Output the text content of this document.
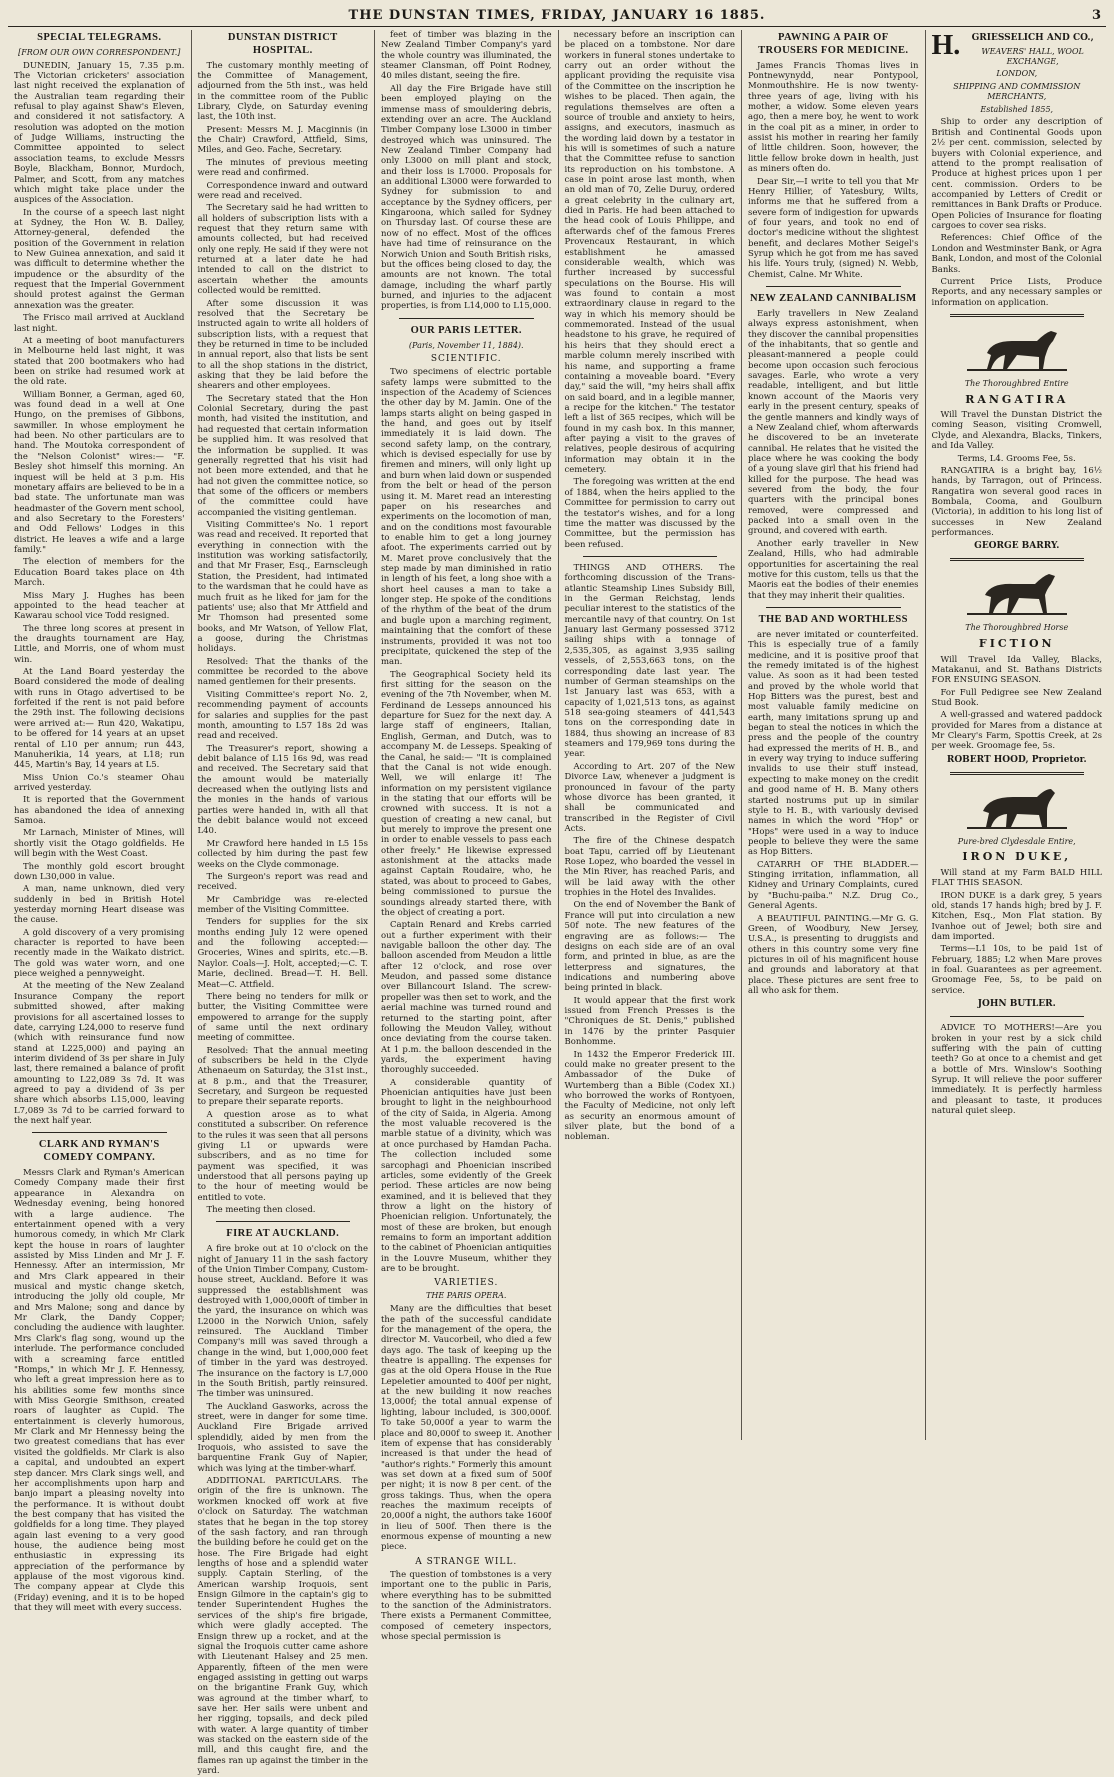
THE DUNSTAN TIMES, FRIDAY, JANUARY 16 1885.	3
SPECIAL TELEGRAMS.
[FROM OUR OWN CORRESPONDENT.]

DUNEDIN, January 15, 7.35 p.m. The Victorian cricketers' association last night received the explanation of the Australian team regarding their refusal to play against Shaw's Eleven, and considered it not satisfactory. A resolution was adopted on the motion of Judge Williams, instructing the Committee appointed to select association teams, to exclude Messrs Boyle, Blackham, Bonnor, Murdoch, Palmer, and Scott, from any matches which might take place under the auspices of the Association.

In the course of a speech last night at Sydney, the Hon W. B. Dalley, Attorney-general, defended the position of the Government in relation to New Guinea annexation, and said it was difficult to determine whether the impudence or the absurdity of the request that the Imperial Government should protest against the German annexation was the greater.

The Frisco mail arrived at Auckland last night.

At a meeting of boot manufacturers in Melbourne held last night, it was stated that 200 bootmakers who had been on strike had resumed work at the old rate.

William Bonner, a German, aged 60, was found dead in a well at One Hungo, on the premises of Gibbons, sawmiller. In whose employment he had been. No other particulars are to hand. The Moutoka correspondent of the "Nelson Colonist" wires:— "F. Besley shot himself this morning. An inquest will be held at 3 p.m. His monetary affairs are believed to be in a bad state. The unfortunate man was headmaster of the Govern ment school, and also Secretary to the Foresters' and Odd Fellows' Lodges in this district. He leaves a wife and a large family."

The election of members for the Education Board takes place on 4th March.

Miss Mary J. Hughes has been appointed to the head teacher at Kawarau school vice Todd resigned.

The three long scores at present in the draughts tournament are Hay, Little, and Morris, one of whom must win.

At the Land Board yesterday the Board considered the mode of dealing with runs in Otago advertised to be forfeited if the rent is not paid before the 29th inst. The following decisions were arrived at:— Run 420, Wakatipu, to be offered for 14 years at an upset rental of L10 per annum; run 443, Manuherikia, 14 years, at L18; run 445, Martin's Bay, 14 years at L5.

Miss Union Co.'s steamer Ohau arrived yesterday.

It is reported that the Government has abandoned the idea of annexing Samoa.

Mr Larnach, Minister of Mines, will shortly visit the Otago goldfields. He will begin with the West Coast.

The monthly gold escort brought down L30,000 in value.

A man, name unknown, died very suddenly in bed in British Hotel yesterday morning Heart disease was the cause.

A gold discovery of a very promising character is reported to have been recently made in the Waikato district. The gold was water worn, and one piece weighed a pennyweight.

At the meeting of the New Zealand Insurance Company the report submitted showed, after making provisions for all ascertained losses to date, carrying L24,000 to reserve fund (which with reinsurance fund now stand at L225,000) and paying an interim dividend of 3s per share in July last, there remained a balance of profit amounting to L22,089 3s 7d. It was agreed to pay a dividend of 3s per share which absorbs L15,000, leaving L7,089 3s 7d to be carried forward to the next half year.

CLARK AND RYMAN'S COMEDY COMPANY.

Messrs Clark and Ryman's American Comedy Company made their first appearance in Alexandra on Wednesday evening, being honored with a large audience. The entertainment opened with a very humorous comedy, in which Mr Clark kept the house in roars of laughter assisted by Miss Linden and Mr J. F. Hennessy. After an intermission, Mr and Mrs Clark appeared in their musical and mystic change sketch, introducing the jolly old couple, Mr and Mrs Malone; song and dance by Mr Clark, the Dandy Copper; concluding the audience with laughter. Mrs Clark's flag song, wound up the interlude. The performance concluded with a screaming farce entitled "Romps," in which Mr J. F. Hennessy, who left a great impression here as to his abilities some few months since with Miss Georgie Smithson, created roars of laughter as Cupid. The entertainment is cleverly humorous, Mr Clark and Mr Hennessy being the two greatest comedians that has ever visited the goldfields. Mr Clark is also a capital, and undoubted an expert step dancer. Mrs Clark sings well, and her accomplishments upon harp and banjo impart a pleasing novelty into the performance. It is without doubt the best company that has visited the goldfields for a long time. They played again last evening to a very good house, the audience being most enthusiastic in expressing its appreciation of the performance by applause of the most vigorous kind. The company appear at Clyde this (Friday) evening, and it is to be hoped that they will meet with every success.

DUNSTAN DISTRICT HOSPITAL.

The customary monthly meeting of the Committee of Management, adjourned from the 5th inst., was held in the committee room of the Public Library, Clyde, on Saturday evening last, the 10th inst.

Present: Messrs M. J. Macginnis (in the Chair) Crawford, Attfield, Sims, Miles, and Geo. Fache, Secretary.

The minutes of previous meeting were read and confirmed.

Correspondence inward and outward were read and received.

The Secretary said he had written to all holders of subscription lists with a request that they return same with amounts collected, but had received only one reply. He said if they were not returned at a later date he had intended to call on the district to ascertain whether the amounts collected would be remitted.

After some discussion it was resolved that the Secretary be instructed again to write all holders of subscription lists, with a request that they be returned in time to be included in annual report, also that lists be sent to all the shop stations in the district, asking that they be laid before the shearers and other employees.

The Secretary stated that the Hon Colonial Secretary, during the past month, had visited the institution, and had requested that certain information be supplied him. It was resolved that the information be supplied. It was generally regretted that his visit had not been more extended, and that he had not given the committee notice, so that some of the officers or members of the committee could have accompanied the visiting gentleman.

Visiting Committee's No. 1 report was read and received. It reported that everything in connection with the institution was working satisfactorily, and that Mr Fraser, Esq., Earnscleugh Station, the President, had intimated to the wardsman that he could have as much fruit as he liked for jam for the patients' use; also that Mr Attfield and Mr Thomson had presented some books, and Mr Watson, of Yellow Flat, a goose, during the Christmas holidays.

Resolved: That the thanks of the committee be recorded to the above named gentlemen for their presents.

Visiting Committee's report No. 2, recommending payment of accounts for salaries and supplies for the past month, amounting to L57 18s 2d was read and received.

The Treasurer's report, showing a debit balance of L15 16s 9d, was read and received. The Secretary said that the amount would be materially decreased when the outlying lists and the monies in the hands of various parties were handed in, with all that the debit balance would not exceed L40.

Mr Crawford here handed in L5 15s collected by him during the past few weeks on the Clyde commonage.

The Surgeon's report was read and received.

Mr Cambridge was re-elected member of the Visiting Committee.

Tenders for supplies for the six months ending July 12 were opened and the following accepted:— Groceries, Wines and spirits, etc.—B. Naylor. Coals—J. Holt, accepted;—C. T. Marie, declined. Bread—T. H. Bell. Meat—C. Attfield.

There being no tenders for milk or butter, the Visiting Committee were empowered to arrange for the supply of same until the next ordinary meeting of committee.

Resolved: That the annual meeting of subscribers be held in the Clyde Athenaeum on Saturday, the 31st inst., at 8 p.m., and that the Treasurer, Secretary, and Surgeon be requested to prepare their separate reports.

A question arose as to what constituted a subscriber. On reference to the rules it was seen that all persons giving L1 or upwards were subscribers, and as no time for payment was specified, it was understood that all persons paying up to the hour of meeting would be entitled to vote.

The meeting then closed.

FIRE AT AUCKLAND.

A fire broke out at 10 o'clock on the night of January 11 in the sash factory of the Union Timber Company, Custom-house street, Auckland. Before it was suppressed the establishment was destroyed with 1,000,000ft of timber in the yard, the insurance on which was L2000 in the Norwich Union, safely reinsured. The Auckland Timber Company's mill was saved through a change in the wind, but 1,000,000 feet of timber in the yard was destroyed. The insurance on the factory is L7,000 in the South British, partly reinsured. The timber was uninsured.

The Auckland Gasworks, across the street, were in danger for some time. Auckland Fire Brigade arrived splendidly, aided by men from the Iroquois, who assisted to save the barquentine Frank Guy of Napier, which was lying at the timber-wharf.

ADDITIONAL PARTICULARS. The origin of the fire is unknown. The workmen knocked off work at five o'clock on Saturday. The watchman states that he began in the top storey of the sash factory, and ran through the building before he could get on the hose. The Fire Brigade had eight lengths of hose and a splendid water supply. Captain Sterling, of the American warship Iroquois, sent Ensign Gilmore in the captain's gig to tender Superintendent Hughes the services of the ship's fire brigade, which were gladly accepted. The Ensign threw up a rocket, and at the signal the Iroquois cutter came ashore with Lieutenant Halsey and 25 men. Apparently, fifteen of the men were engaged assisting in getting out warps on the brigantine Frank Guy, which was aground at the timber wharf, to save her. Her sails were unbent and her rigging, topsails, and deck piled with water. A large quantity of timber was stacked on the eastern side of the mill, and this caught fire, and the flames ran up against the timber in the yard.

feet of timber was blazing in the New Zealand Timber Company's yard the whole country was illuminated, the steamer Clansman, off Point Rodney, 40 miles distant, seeing the fire.

All day the Fire Brigade have still been employed playing on the immense mass of smouldering debris, extending over an acre. The Auckland Timber Company lose L3000 in timber destroyed which was uninsured. The New Zealand Timber Company had only L3000 on mill plant and stock, and their loss is L7000. Proposals for an additional L3000 were forwarded to Sydney for submission to and acceptance by the Sydney officers, per Kingaroona, which sailed for Sydney on Thursday last. Of course these are now of no effect. Most of the offices have had time of reinsurance on the Norwich Union and South British risks, but the offices being closed to day, the amounts are not known. The total damage, including the wharf partly burned, and injuries to the adjacent properties, is from L14,000 to L15,000.

OUR PARIS LETTER.
(Paris, November 11, 1884).
SCIENTIFIC.

Two specimens of electric portable safety lamps were submitted to the inspection of the Academy of Sciences the other day by M. Jamin. One of the lamps starts alight on being gasped in the hand, and goes out by itself immediately it is laid down. The second safety lamp, on the contrary, which is devised especially for use by firemen and miners, will only light up and burn when laid down or suspended from the belt or head of the person using it. M. Maret read an interesting paper on his researches and experiments on the locomotion of man, and on the conditions most favourable to enable him to get a long journey afoot. The experiments carried out by M. Maret prove conclusively that the step made by man diminished in ratio in length of his feet, a long shoe with a short heel causes a man to take a longer step. He spoke of the conditions of the rhythm of the beat of the drum and bugle upon a marching regiment, maintaining that the comfort of these instruments, provided it was not too precipitate, quickened the step of the man.

The Geographical Society held its first sitting for the season on the evening of the 7th November, when M. Ferdinand de Lesseps announced his departure for Suez for the next day. A large staff of engineers, Italian, English, German, and Dutch, was to accompany M. de Lesseps. Speaking of the Canal, he said:— "It is complained that the Canal is not wide enough. Well, we will enlarge it! The information on my persistent vigilance in the stating that our efforts will be crowned with success. It is not a question of creating a new canal, but but merely to improve the present one in order to enable vessels to pass each other freely." He likewise expressed astonishment at the attacks made against Captain Roudaire, who, he stated, was about to proceed to Gabes, being commissioned to pursue the soundings already started there, with the object of creating a port.

Captain Renard and Krebs carried out a further experiment with their navigable balloon the other day. The balloon ascended from Meudon a little after 12 o'clock, and rose over Meudon, and passed some distance over Billancourt Island. The screw-propeller was then set to work, and the aerial machine was turned round and returned to the starting point, after following the Meudon Valley, without once deviating from the course taken. At 1 p.m. the balloon descended in the yards, the experiment having thoroughly succeeded.

A considerable quantity of Phoenician antiquities have just been brought to light in the neighbourhood of the city of Saida, in Algeria. Among the most valuable recovered is the marble statue of a divinity, which was at once purchased by Hamdan Pacha. The collection included some sarcophagi and Phoenician inscribed articles, some evidently of the Greek period. These articles are now being examined, and it is believed that they throw a light on the history of Phoenician religion. Unfortunately, the most of these are broken, but enough remains to form an important addition to the cabinet of Phoenician antiquities in the Louvre Museum, whither they are to be brought.

VARIETIES.
THE PARIS OPERA.

Many are the difficulties that beset the path of the successful candidate for the management of the opera, the director M. Vaucorbeil, who died a few days ago. The task of keeping up the theatre is appalling. The expenses for gas at the old Opera House in the Rue Lepeletier amounted to 400f per night, at the new building it now reaches 13,000f; the total annual expense of lighting, labour included, is 300,000f. To take 50,000f a year to warm the place and 80,000f to sweep it. Another item of expense that has considerably increased is that under the head of "author's rights." Formerly this amount was set down at a fixed sum of 500f per night; it is now 8 per cent. of the gross takings. Thus, when the opera reaches the maximum receipts of 20,000f a night, the authors take 1600f in lieu of 500f. Then there is the enormous expense of mounting a new piece.

A STRANGE WILL.

The question of tombstones is a very important one to the public in Paris, where everything has to be submitted to the sanction of the Administrators. There exists a Permanent Committee, composed of cemetery inspectors, whose special permission is

necessary before an inscription can be placed on a tombstone. Nor dare workers in funeral stones undertake to carry out an order without the applicant providing the requisite visa of the Committee on the inscription he wishes to be placed. Then again, the regulations themselves are often a source of trouble and anxiety to heirs, assigns, and executors, inasmuch as the wording laid down by a testator in his will is sometimes of such a nature that the Committee refuse to sanction its reproduction on his tombstone. A case in point arose last month, when an old man of 70, Zelie Duruy, ordered a great celebrity in the culinary art, died in Paris. He had been attached to the head cook of Louis Philippe, and afterwards chef of the famous Freres Provencaux Restaurant, in which establishment he amassed considerable wealth, which was further increased by successful speculations on the Bourse. His will was found to contain a most extraordinary clause in regard to the way in which his memory should be commemorated. Instead of the usual headstone to his grave, he required of his heirs that they should erect a marble column merely inscribed with his name, and supporting a frame containing a moveable board. "Every day," said the will, "my heirs shall affix on said board, and in a legible manner, a recipe for the kitchen." The testator left a list of 365 recipes, which will be found in my cash box. In this manner, after paying a visit to the graves of relatives, people desirous of acquiring information may obtain it in the cemetery.

The foregoing was written at the end of 1884, when the heirs applied to the Committee for permission to carry out the testator's wishes, and for a long time the matter was discussed by the Committee, but the permission has been refused.

THINGS AND OTHERS. The forthcoming discussion of the Trans-atlantic Steamship Lines Subsidy Bill, in the German Reichstag, lends peculiar interest to the statistics of the mercantile navy of that country. On 1st January last Germany possessed 3712 sailing ships with a tonnage of 2,535,305, as against 3,935 sailing vessels, of 2,553,663 tons, on the corresponding date last year. The number of German steamships on the 1st January last was 653, with a capacity of 1,021,513 tons, as against 518 sea-going steamers of 441,543 tons on the corresponding date in 1884, thus showing an increase of 83 steamers and 179,969 tons during the year.

According to Art. 207 of the New Divorce Law, whenever a judgment is pronounced in favour of the party whose divorce has been granted, it shall be communicated and transcribed in the Register of Civil Acts.

The fire of the Chinese despatch boat Tapu, carried off by Lieutenant Rose Lopez, who boarded the vessel in the Min River, has reached Paris, and will be laid away with the other trophies in the Hotel des Invalides.

On the end of November the Bank of France will put into circulation a new 50f note. The new features of the engraving are as follows:— The designs on each side are of an oval form, and printed in blue, as are the letterpress and signatures, the indications and numbering above being printed in black.

It would appear that the first work issued from French Presses is the "Chroniques de St. Denis," published in 1476 by the printer Pasquier Bonhomme.

In 1432 the Emperor Frederick III. could make no greater present to the Ambassador of the Duke of Wurtemberg than a Bible (Codex XI.) who borrowed the works of Rontyoen, the Faculty of Medicine, not only left as security an enormous amount of silver plate, but the bond of a nobleman.

PAWNING A PAIR OF TROUSERS FOR MEDICINE.

James Francis Thomas lives in Pontnewynydd, near Pontypool, Monmouthshire. He is now twenty-three years of age, living with his mother, a widow. Some eleven years ago, then a mere boy, he went to work in the coal pit as a miner, in order to assist his mother in rearing her family of little children. Soon, however, the little fellow broke down in health, just as miners often do.

Dear Sir,—I write to tell you that Mr Henry Hillier, of Yatesbury, Wilts, informs me that he suffered from a severe form of indigestion for upwards of four years, and took no end of doctor's medicine without the slightest benefit, and declares Mother Seigel's Syrup which he got from me has saved his life. Yours truly, (signed) N. Webb, Chemist, Calne. Mr White.

NEW ZEALAND CANNIBALISM

Early travellers in New Zealand always express astonishment, when they discover the cannibal propensities of the inhabitants, that so gentle and pleasant-mannered a people could become upon occasion such ferocious savages. Earle, who wrote a very readable, intelligent, and but little known account of the Maoris very early in the present century, speaks of the gentle manners and kindly ways of a New Zealand chief, whom afterwards he discovered to be an inveterate cannibal. He relates that he visited the place where he was cooking the body of a young slave girl that his friend had killed for the purpose. The head was severed from the body, the four quarters with the principal bones removed, were compressed and packed into a small oven in the ground, and covered with earth.

Another early traveller in New Zealand, Hills, who had admirable opportunities for ascertaining the real motive for this custom, tells us that the Maoris eat the bodies of their enemies that they may inherit their qualities.

THE BAD AND WORTHLESS

are never imitated or counterfeited. This is especially true of a family medicine, and it is positive proof that the remedy imitated is of the highest value. As soon as it had been tested and proved by the whole world that Hop Bitters was the purest, best and most valuable family medicine on earth, many imitations sprung up and began to steal the notices in which the press and the people of the country had expressed the merits of H. B., and in every way trying to induce suffering invalids to use their stuff instead, expecting to make money on the credit and good name of H. B. Many others started nostrums put up in similar style to H. B., with variously devised names in which the word "Hop" or "Hops" were used in a way to induce people to believe they were the same as Hop Bitters.

CATARRH OF THE BLADDER.—Stinging irritation, inflammation, all Kidney and Urinary Complaints, cured by "Buchu-paiba." N.Z. Drug Co., General Agents.

A BEAUTIFUL PAINTING.—Mr G. G. Green, of Woodbury, New Jersey, U.S.A., is presenting to druggists and others in this country some very fine pictures in oil of his magnificent house and grounds and laboratory at that place. These pictures are sent free to all who ask for them.

H.	GRIESSELICH AND CO.,
WEAVERS' HALL, WOOL EXCHANGE,
LONDON,
SHIPPING AND COMMISSION MERCHANTS,
Established 1855,

Ship to order any description of British and Continental Goods upon 2½ per cent. commission, selected by buyers with Colonial experience, and attend to the prompt realisation of Produce at highest prices upon 1 per cent. commission. Orders to be accompanied by Letters of Credit or remittances in Bank Drafts or Produce. Open Policies of Insurance for floating cargoes to cover sea risks.

References: Chief Office of the London and Westminster Bank, or Agra Bank, London, and most of the Colonial Banks.

Current Price Lists, Produce Reports, and any necessary samples or information on application.

The Thoroughbred Entire
RANGATIRA

Will Travel the Dunstan District the coming Season, visiting Cromwell, Clyde, and Alexandra, Blacks, Tinkers, and Ida Valley.

Terms, L4. Grooms Fee, 5s.

RANGATIRA is a bright bay, 16½ hands, by Tarragon, out of Princess. Rangatira won several good races in Bombala, Cooma, and Goulburn (Victoria), in addition to his long list of successes in New Zealand performances.

GEORGE BARRY.
The Thoroughbred Horse
FICTION

Will Travel Ida Valley, Blacks, Matakanui, and St. Bathans Districts FOR ENSUING SEASON.

For Full Pedigree see New Zealand Stud Book.

A well-grassed and watered paddock provided for Mares from a distance at Mr Cleary's Farm, Spottis Creek, at 2s per week. Groomage fee, 5s.

ROBERT HOOD, Proprietor.
Pure-bred Clydesdale Entire,
IRON DUKE,

Will stand at my Farm BALD HILL FLAT THIS SEASON.

IRON DUKE is a dark grey, 5 years old, stands 17 hands high; bred by J. F. Kitchen, Esq., Mon Flat station. By Ivanhoe out of Jewel; both sire and dam imported.

Terms—L1 10s, to be paid 1st of February, 1885; L2 when Mare proves in foal. Guarantees as per agreement. Groomage Fee, 5s, to be paid on service.

JOHN BUTLER.

ADVICE TO MOTHERS!—Are you broken in your rest by a sick child suffering with the pain of cutting teeth? Go at once to a chemist and get a bottle of Mrs. Winslow's Soothing Syrup. It will relieve the poor sufferer immediately. It is perfectly harmless and pleasant to taste, it produces natural quiet sleep.
